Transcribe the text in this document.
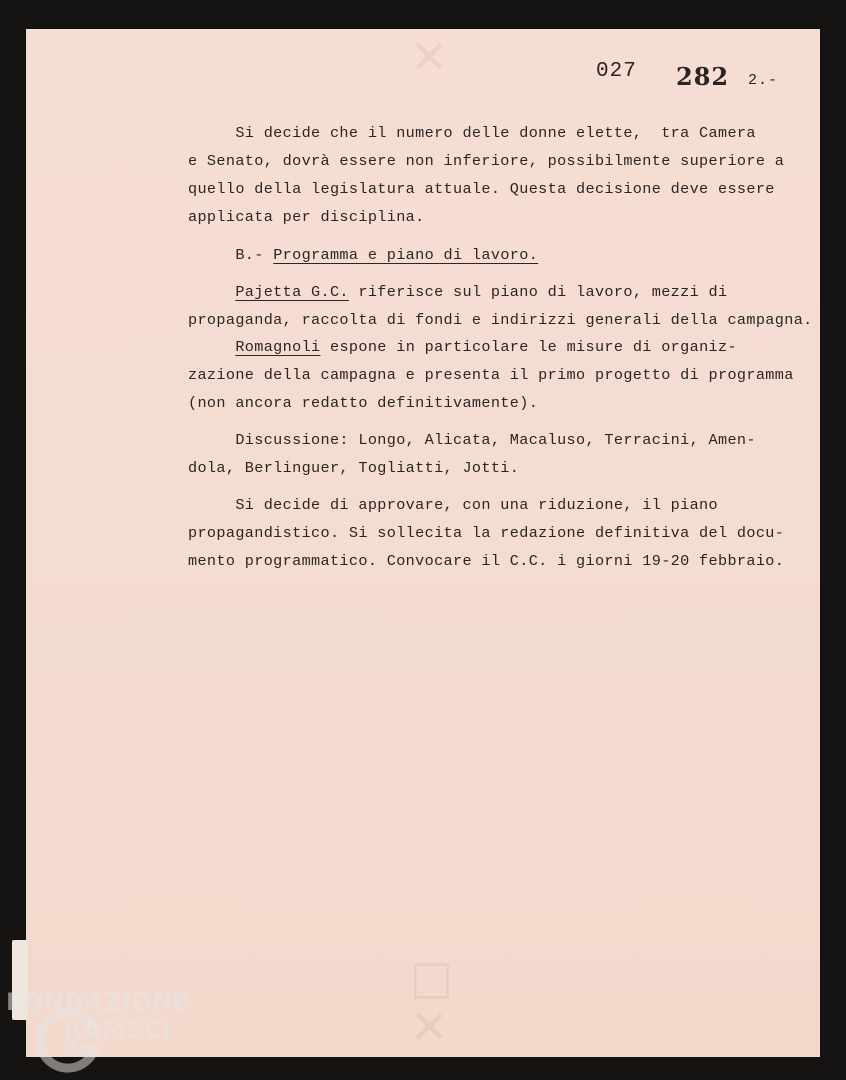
✕
□
✕
027 282 2.-
Si decide che il numero delle donne elette,  tra Camera
e Senato, dovrà essere non inferiore, possibilmente superiore a
quello della legislatura attuale. Questa decisione deve essere
applicata per disciplina.
B.- Programma e piano di lavoro.
Pajetta G.C. riferisce sul piano di lavoro, mezzi di
propaganda, raccolta di fondi e indirizzi generali della campagna.
Romagnoli espone in particolare le misure di organiz-
zazione della campagna e presenta il primo progetto di programma
(non ancora redatto definitivamente).
Discussione: Longo, Alicata, Macaluso, Terracini, Amen-
dola, Berlinguer, Togliatti, Jotti.
Si decide di approvare, con una riduzione, il piano
propagandistico. Si sollecita la redazione definitiva del docu-
mento programmatico. Convocare il C.C. i giorni 19-20 febbraio.
FONDAZIONE
RAMSCI
